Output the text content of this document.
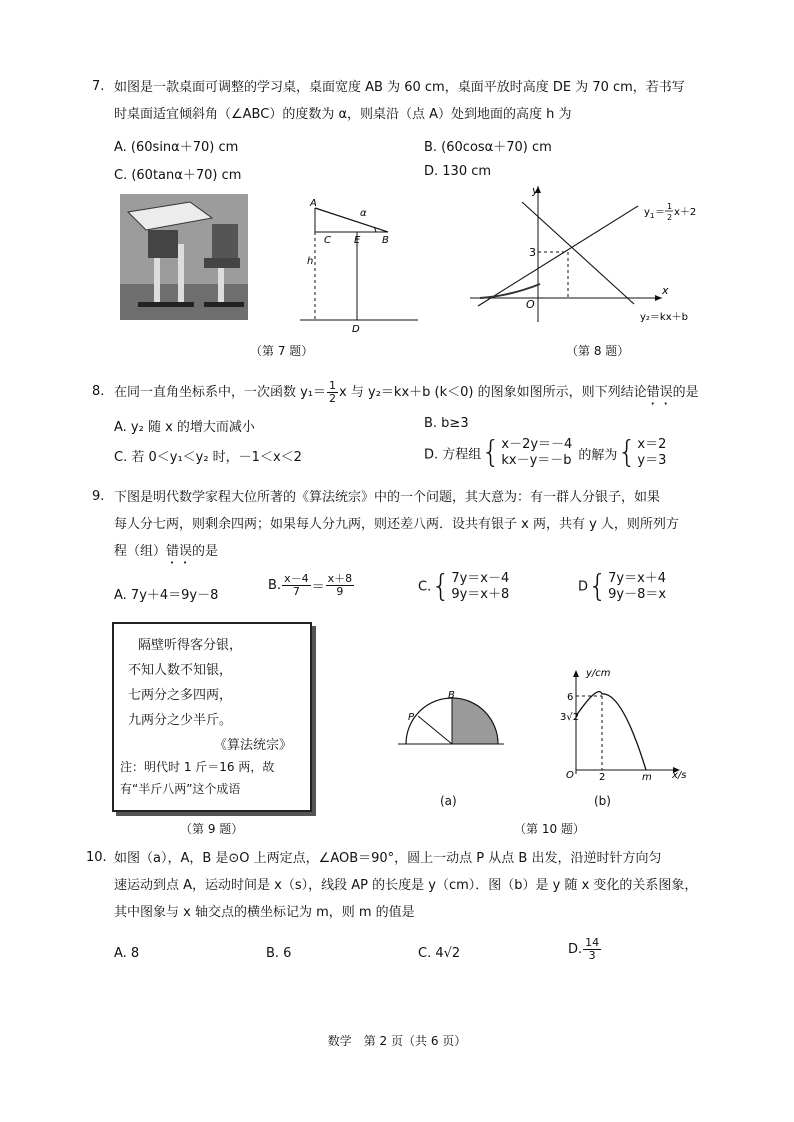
7. 如图是一款桌面可调整的学习桌，桌面宽度 AB 为 60 cm，桌面平放时高度 DE 为 70 cm，若书写
时桌面适宜倾斜角（∠ABC）的度数为 α，则桌沿（点 A）处到地面的高度 h 为
A. (60sinα＋70) cm	B. (60cosα＋70) cm
C. (60tanα＋70) cm	D. 130 cm
A
C E B
D
h
α
（第 7 题）
y
x
O
3
y 1 ＝
1
2 x＋2
y₂＝kx＋b
（第 8 题）
8. 在同一直角坐标系中，一次函数 $y_1= \frac{1}{2}$ x 与 y₂＝kx＋b (k＜0) 的图象如图所示，则下列结论错误的是
A. y₂ 随 x 的增大而减小	B. b≥3
C. 若 0＜y₁＜y₂ 时，－1＜x＜2	D. 方程组{ x－2y＝－4
kx－y＝－b 的解为{ x＝2
y＝3
9. 下图是明代数学家程大位所著的《算法统宗》中的一个问题，其大意为：有一群人分银子，如果
每人分七两，则剩余四两；如果每人分九两，则还差八两．设共有银子 x 两，共有 y 人，则所列方
程（组）错误的是
A. 7y＋4＝9y－8
B. $\frac{x-4}{7} = \frac{x+8}{9}$	C.{ 7y＝x－4
9y＝x＋8	D{ 7y＝x＋4
9y－8＝x
隔壁听得客分银，
不知人数不知银，
七两分之多四两，
九两分之少半斤。
《算法统宗》
注：明代时 1 斤＝16 两，故
有“半斤八两”这个成语
（第 9 题）
B
P
(a)
y/cm
x/s
O
6
3√2
2	m
(b)
（第 10 题）
10. 如图（a），A，B 是⊙O 上两定点，∠AOB＝90°，圆上一动点 P 从点 B 出发，沿逆时针方向匀
速运动到点 A，运动时间是 x（s），线段 AP 的长度是 y（cm）．图（b）是 y 随 x 变化的关系图象，
其中图象与 x 轴交点的横坐标记为 m，则 m 的值是
A. 8	B. 6	C. 4√2	D. $\frac{14}{3}$
数学　第 2 页（共 6 页）
